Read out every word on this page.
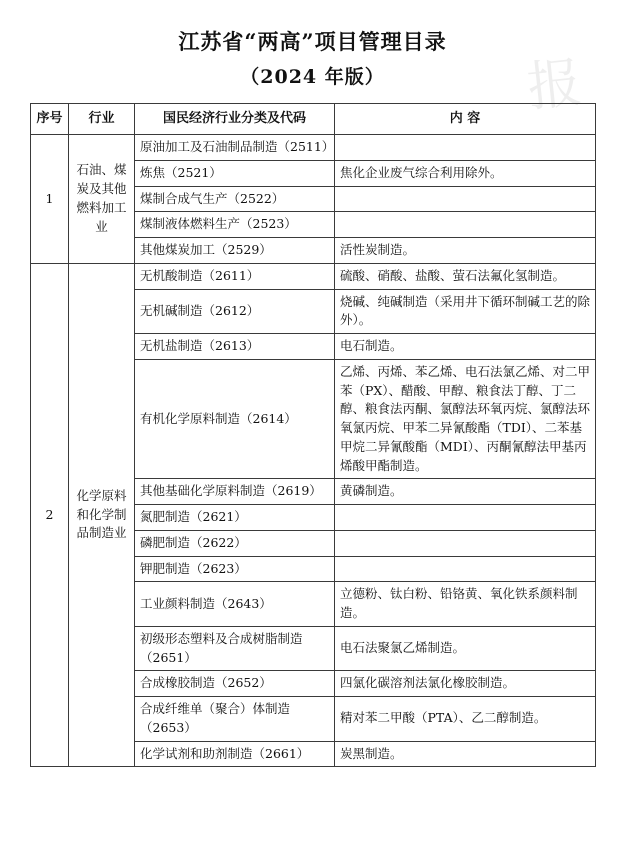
报
江苏省“两高”项目管理目录
（2024 年版）
序号	行业	国民经济行业分类及代码	内 容
1	石油、煤炭及其他燃料加工业	原油加工及石油制品制造（2511）	
		炼焦（2521）	焦化企业废气综合利用除外。
		煤制合成气生产（2522）	
		煤制液体燃料生产（2523）	
		其他煤炭加工（2529）	活性炭制造。
2	化学原料和化学制品制造业	无机酸制造（2611）	硫酸、硝酸、盐酸、萤石法氟化氢制造。
		无机碱制造（2612）	烧碱、纯碱制造（采用井下循环制碱工艺的除外）。
		无机盐制造（2613）	电石制造。
		有机化学原料制造（2614）	乙烯、丙烯、苯乙烯、电石法氯乙烯、对二甲苯（PX）、醋酸、甲醇、粮食法丁醇、丁二醇、粮食法丙酮、氯醇法环氧丙烷、氯醇法环氧氯丙烷、甲苯二异氰酸酯（TDI）、二苯基甲烷二异氰酸酯（MDI）、丙酮氰醇法甲基丙烯酸甲酯制造。
		其他基础化学原料制造（2619）	黄磷制造。
		氮肥制造（2621）	
		磷肥制造（2622）	
		钾肥制造（2623）	
		工业颜料制造（2643）	立德粉、钛白粉、铅铬黄、氧化铁系颜料制造。
		初级形态塑料及合成树脂制造（2651）	电石法聚氯乙烯制造。
		合成橡胶制造（2652）	四氯化碳溶剂法氯化橡胶制造。
		合成纤维单（聚合）体制造（2653）	精对苯二甲酸（PTA）、乙二醇制造。
		化学试剂和助剂制造（2661）	炭黑制造。
